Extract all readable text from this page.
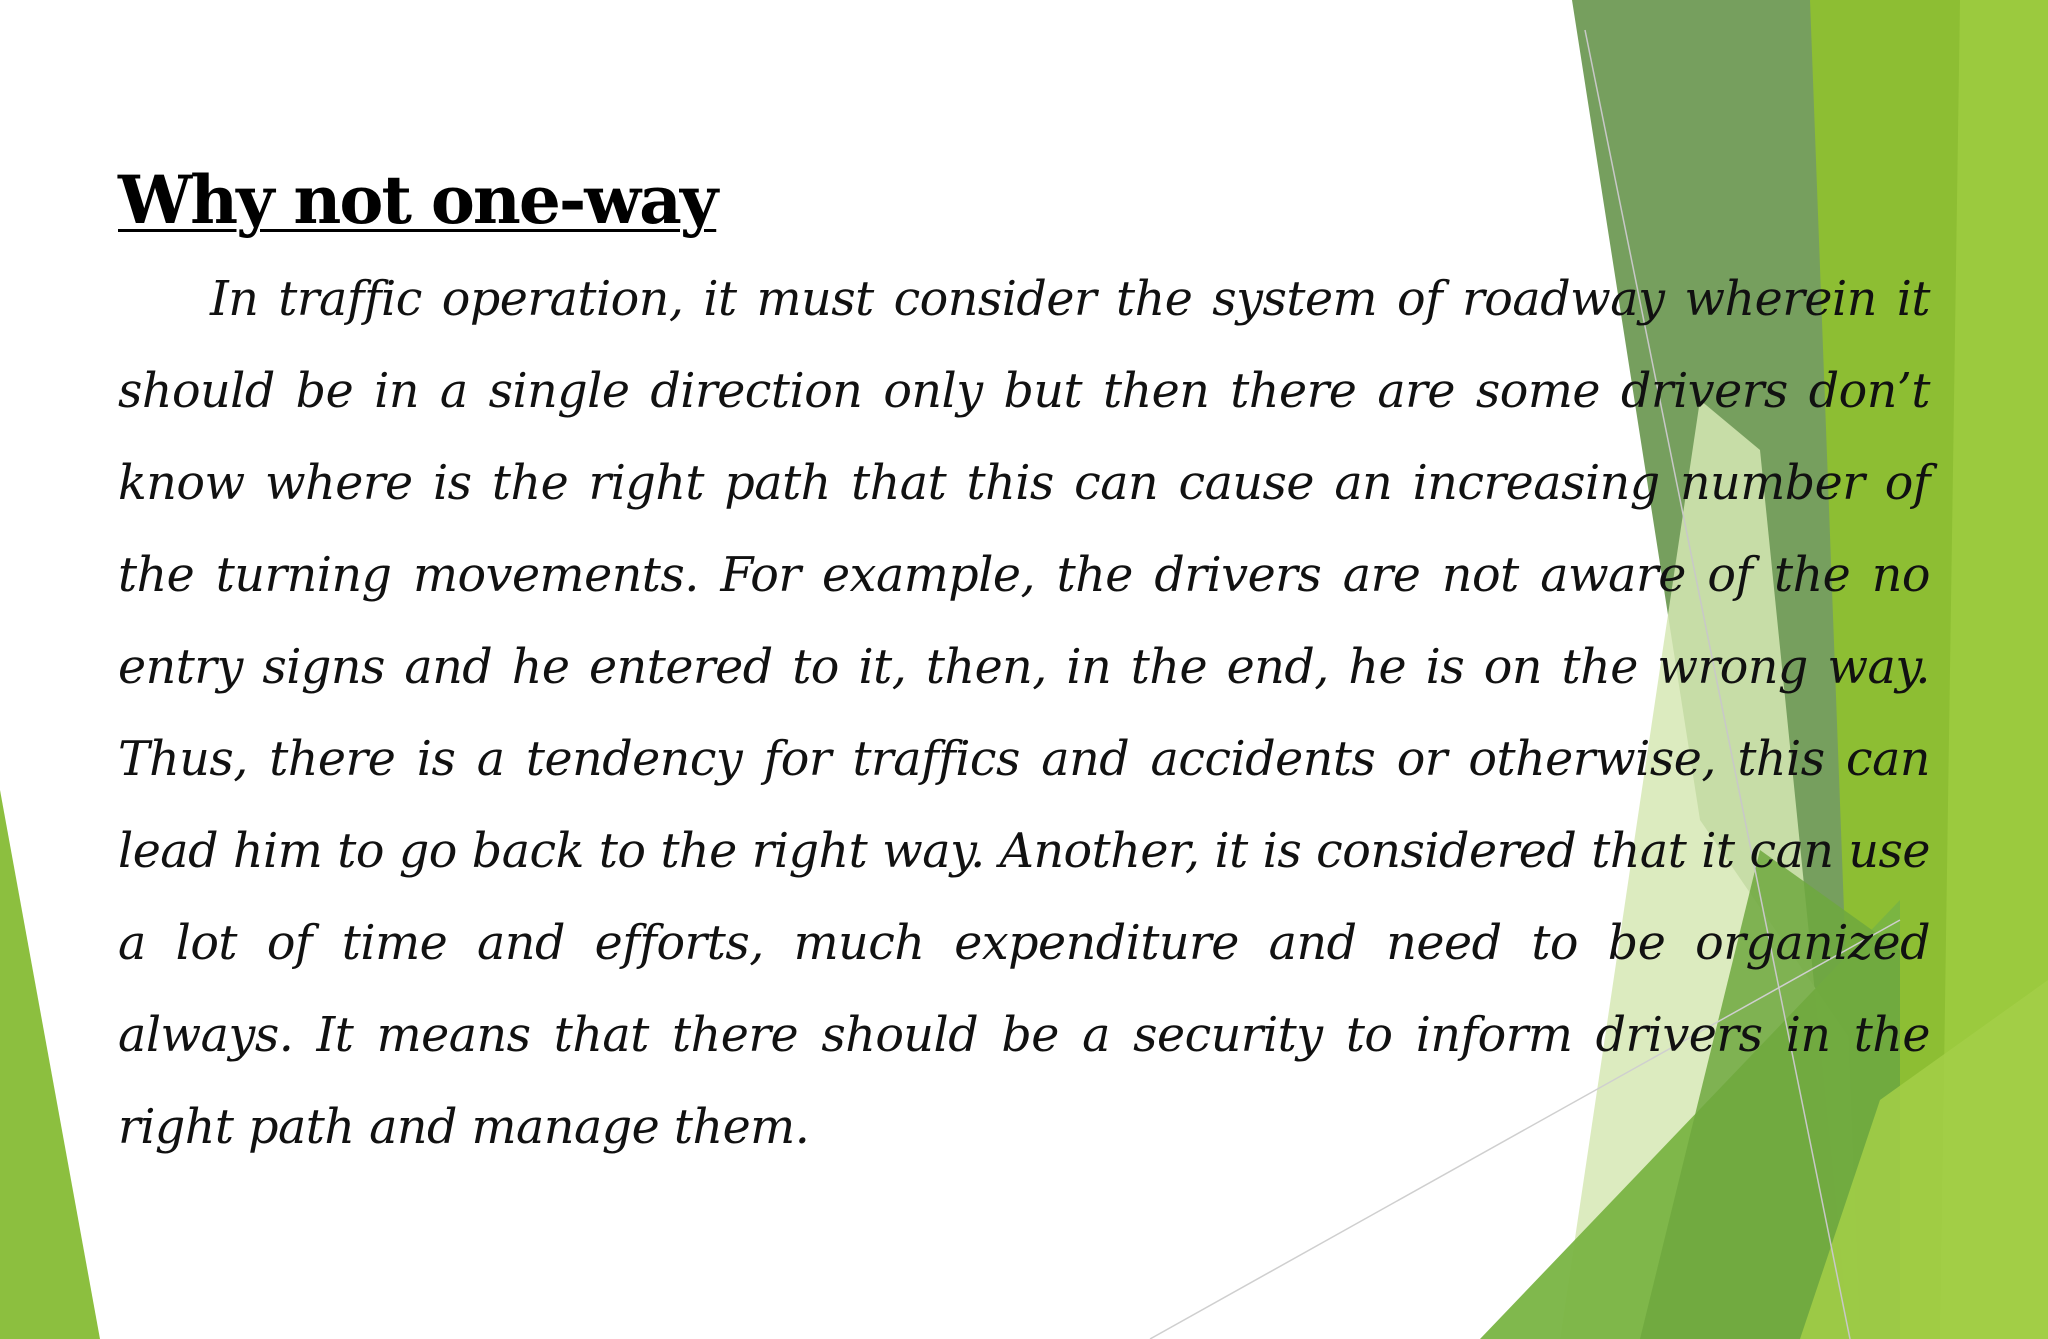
Why not one-way

In traffic operation, it must consider the system of roadway wherein it should be in a single direction only but then there are some drivers don’t know where is the right path that this can cause an increasing number of the turning movements. For example, the drivers are not aware of the no entry signs and he entered to it, then, in the end, he is on the wrong way. Thus, there is a tendency for traffics and accidents or otherwise, this can lead him to go back to the right way. Another, it is considered that it can use a lot of time and efforts, much expenditure and need to be organized always. It means that there should be a security to inform drivers in the right path and manage them.
